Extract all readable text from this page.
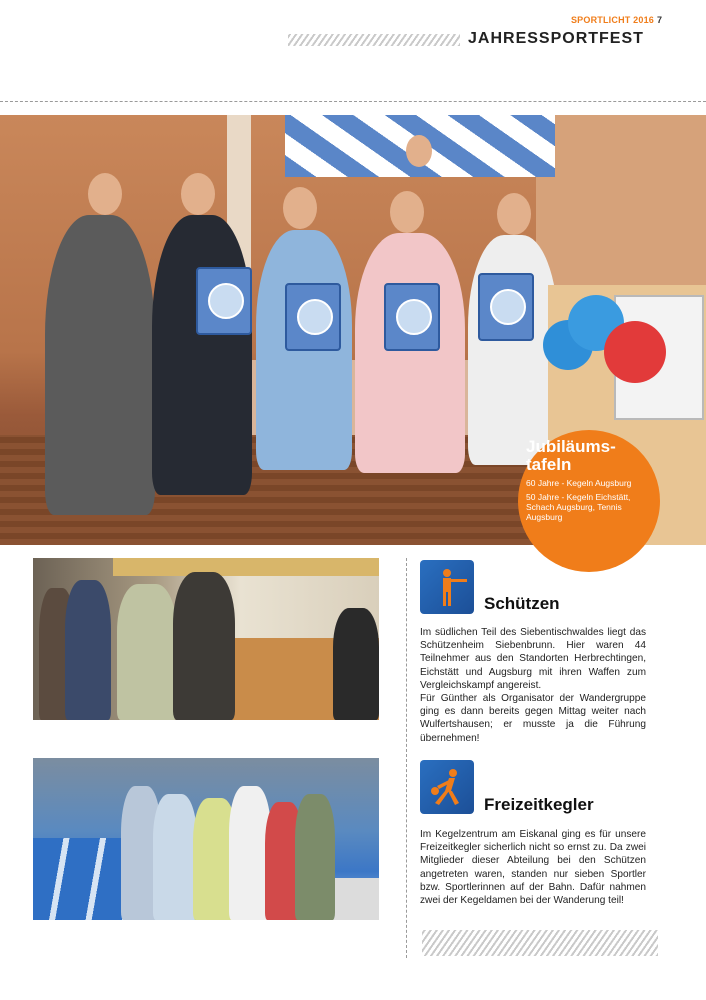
SPORTLICHT 2016 7
JAHRESSPORTFEST
Jubiläums-tafeln
60 Jahre - Kegeln Augsburg
50 Jahre - Kegeln Eichstätt, Schach Augsburg, Tennis Augsburg
Schützen

Im südlichen Teil des Siebentischwaldes liegt das Schützenheim Siebenbrunn. Hier waren 44 Teilnehmer aus den Standorten Herbrechtingen, Eichstätt und Augsburg mit ihren Waffen zum Vergleichskampf angereist.

Für Günther als Organisator der Wandergruppe ging es dann bereits gegen Mittag weiter nach Wulfertshausen; er musste ja die Führung übernehmen!

Freizeitkegler

Im Kegelzentrum am Eiskanal ging es für unsere Freizeitkegler sicherlich nicht so ernst zu. Da zwei Mitglieder dieser Abteilung bei den Schützen angetreten waren, standen nur sieben Sportler bzw. Sportlerinnen auf der Bahn. Dafür nahmen zwei der Kegeldamen bei der Wanderung teil!
